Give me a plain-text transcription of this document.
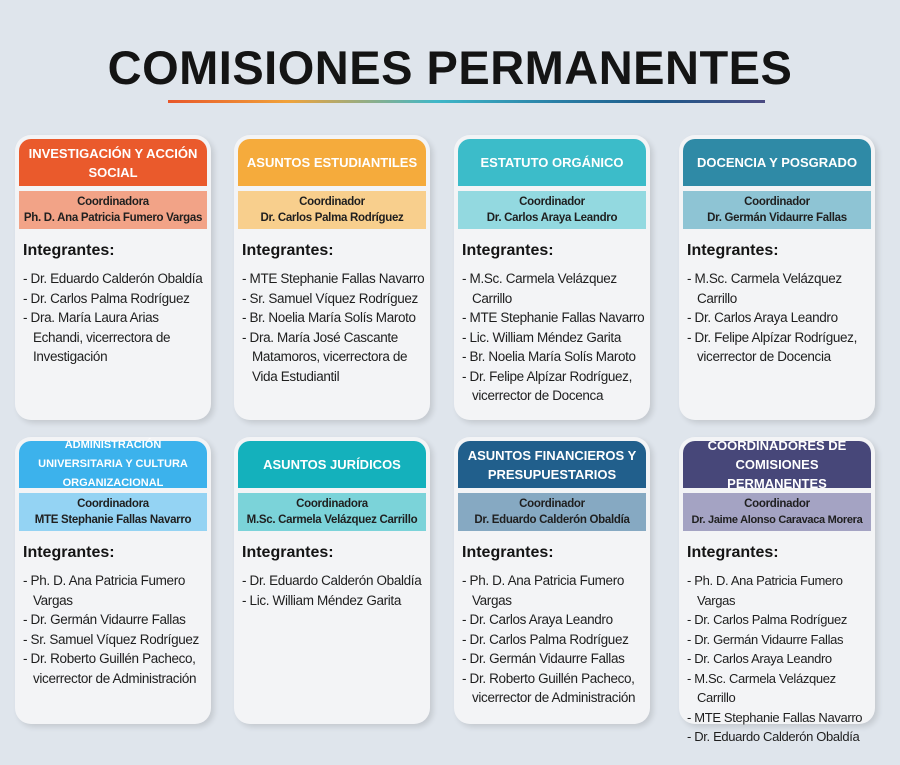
COMISIONES PERMANENTES
INVESTIGACIÓN Y ACCIÓN SOCIAL
Coordinadora
Ph. D. Ana Patricia Fumero Vargas
Integrantes:
- Dr. Eduardo Calderón Obaldía
- Dr. Carlos Palma Rodríguez
- Dra. María Laura Arias Echandi, vicerrectora de Investigación
ASUNTOS ESTUDIANTILES
Coordinador
Dr. Carlos Palma Rodríguez
Integrantes:
- MTE Stephanie Fallas Navarro
- Sr. Samuel Víquez Rodríguez
- Br. Noelia María Solís Maroto
- Dra. María José Cascante Matamoros, vicerrectora de Vida Estudiantil
ESTATUTO ORGÁNICO
Coordinador
Dr. Carlos Araya Leandro
Integrantes:
- M.Sc. Carmela Velázquez Carrillo
- MTE Stephanie Fallas Navarro
- Lic. William Méndez Garita
- Br. Noelia María Solís Maroto
- Dr. Felipe Alpízar Rodríguez, vicerrector de Docenca
DOCENCIA Y POSGRADO
Coordinador
Dr. Germán Vidaurre Fallas
Integrantes:
- M.Sc. Carmela Velázquez Carrillo
- Dr. Carlos Araya Leandro
- Dr. Felipe Alpízar Rodríguez, vicerrector de Docencia
ADMINISTRACIÓN UNIVERSITARIA Y CULTURA ORGANIZACIONAL
Coordinadora
MTE Stephanie Fallas Navarro
Integrantes:
- Ph. D. Ana Patricia Fumero Vargas
- Dr. Germán Vidaurre Fallas
- Sr. Samuel Víquez Rodríguez
- Dr. Roberto Guillén Pacheco, vicerrector de Administración
ASUNTOS JURÍDICOS
Coordinadora
M.Sc. Carmela Velázquez Carrillo
Integrantes:
- Dr. Eduardo Calderón Obaldía
- Lic. William Méndez Garita
ASUNTOS FINANCIEROS Y PRESUPUESTARIOS
Coordinador
Dr. Eduardo Calderón Obaldía
Integrantes:
- Ph. D. Ana Patricia Fumero Vargas
- Dr. Carlos Araya Leandro
- Dr. Carlos Palma Rodríguez
- Dr. Germán Vidaurre Fallas
- Dr. Roberto Guillén Pacheco, vicerrector de Administración
COORDINADORES DE COMISIONES PERMANENTES
Coordinador
Dr. Jaime Alonso Caravaca Morera
Integrantes:
- Ph. D. Ana Patricia Fumero Vargas
- Dr. Carlos Palma Rodríguez
- Dr. Germán Vidaurre Fallas
- Dr. Carlos Araya Leandro
- M.Sc. Carmela Velázquez Carrillo
- MTE Stephanie Fallas Navarro
- Dr. Eduardo Calderón Obaldía
